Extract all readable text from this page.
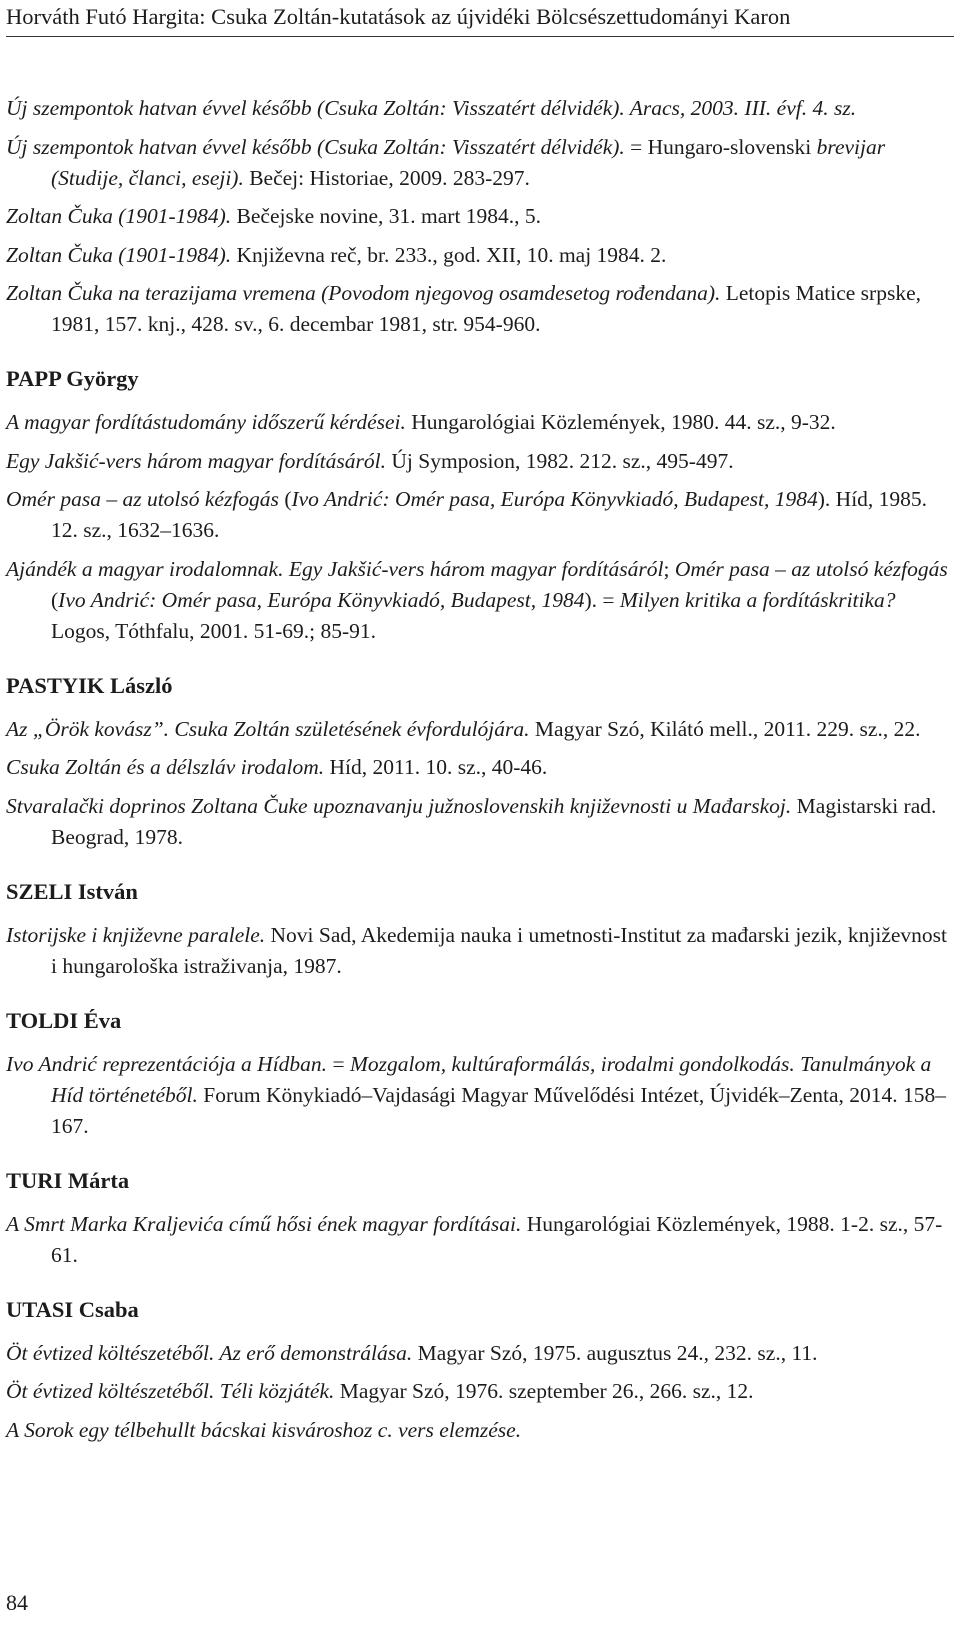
Horváth Futó Hargita: Csuka Zoltán-kutatások az újvidéki Bölcsészettudományi Karon

Új szempontok hatvan évvel később (Csuka Zoltán: Visszatért délvidék). Aracs, 2003. III. évf. 4. sz.

Új szempontok hatvan évvel később (Csuka Zoltán: Visszatért délvidék). = Hungaro-slovenski brevijar (Studije, članci, eseji). Bečej: Historiae, 2009. 283-297.

Zoltan Čuka (1901-1984). Bečejske novine, 31. mart 1984., 5.

Zoltan Čuka (1901-1984). Književna reč, br. 233., god. XII, 10. maj 1984. 2.

Zoltan Čuka na terazijama vremena (Povodom njegovog osamdesetog rođendana). Letopis Matice srpske, 1981, 157. knj., 428. sv., 6. decembar 1981, str. 954-960.

PAPP György

A magyar fordítástudomány időszerű kérdései. Hungarológiai Közlemények, 1980. 44. sz., 9-32.

Egy Jakšić-vers három magyar fordításáról. Új Symposion, 1982. 212. sz., 495-497.

Omér pasa – az utolsó kézfogás (Ivo Andrić: Omér pasa, Európa Könyvkiadó, Budapest, 1984). Híd, 1985. 12. sz., 1632–1636.

Ajándék a magyar irodalomnak. Egy Jakšić-vers három magyar fordításáról; Omér pasa – az utolsó kézfogás (Ivo Andrić: Omér pasa, Európa Könyvkiadó, Budapest, 1984). = Milyen kritika a fordításkritika? Logos, Tóthfalu, 2001. 51-69.; 85-91.

PASTYIK László

Az „Örök kovász”. Csuka Zoltán születésének évfordulójára. Magyar Szó, Kilátó mell., 2011. 229. sz., 22.

Csuka Zoltán és a délszláv irodalom. Híd, 2011. 10. sz., 40-46.

Stvaralački doprinos Zoltana Čuke upoznavanju južnoslovenskih književnosti u Mađarskoj. Magistarski rad. Beograd, 1978.

SZELI István

Istorijske i književne paralele. Novi Sad, Akedemija nauka i umetnosti-Institut za mađarski jezik, književnost i hungarološka istraživanja, 1987.

TOLDI Éva

Ivo Andrić reprezentációja a Hídban. = Mozgalom, kultúraformálás, irodalmi gondolkodás. Tanulmányok a Híd történetéből. Forum Könykiadó–Vajdasági Magyar Művelődési Intézet, Újvidék–Zenta, 2014. 158–167.

TURI Márta

A Smrt Marka Kraljevića című hősi ének magyar fordításai. Hungarológiai Közlemények, 1988. 1-2. sz., 57-61.

UTASI Csaba

Öt évtized költészetéből. Az erő demonstrálása. Magyar Szó, 1975. augusztus 24., 232. sz., 11.

Öt évtized költészetéből. Téli közjáték. Magyar Szó, 1976. szeptember 26., 266. sz., 12.

A Sorok egy télbehullt bácskai kisvároshoz c. vers elemzése.

84
